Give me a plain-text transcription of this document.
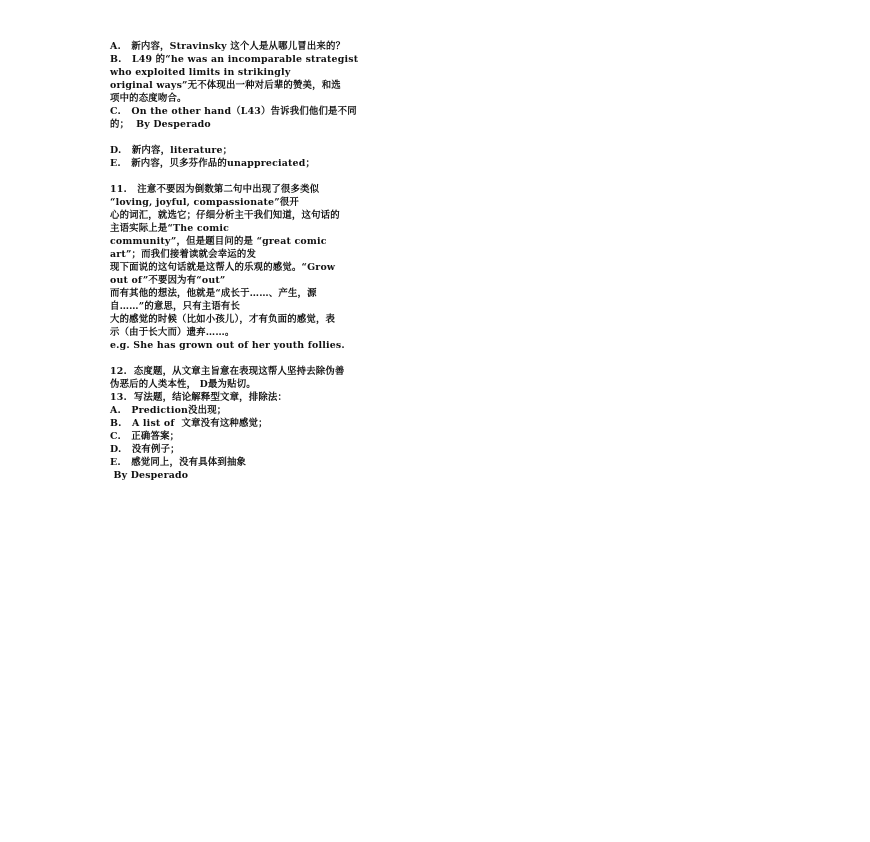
A.   新内容，Stravinsky 这个人是从哪儿冒出来的？
B.   L49 的“he was an incomparable strategist
who exploited limits in strikingly
original ways”无不体现出一种对后辈的赞美，和选
项中的态度吻合。
C.   On the other hand（L43）告诉我们他们是不同
的；  By Desperado
D.   新内容，literature；
E.   新内容，贝多芬作品的unappreciated；
11.   注意不要因为倒数第二句中出现了很多类似
“loving, joyful, compassionate”很开
心的词汇，就选它；仔细分析主干我们知道，这句话的
主语实际上是“The comic
community”，但是题目问的是 “great comic
art”；而我们接着读就会幸运的发
现下面说的这句话就是这帮人的乐观的感觉。“Grow
out of”不要因为有“out”
而有其他的想法，他就是“成长于……、产生，源
自……”的意思，只有主语有长
大的感觉的时候（比如小孩儿），才有负面的感觉，表
示（由于长大而）遗弃……。
e.g. She has grown out of her youth follies.
12.  态度题，从文章主旨意在表现这帮人坚持去除伪善
伪恶后的人类本性， D最为贴切。
13.  写法题，结论解释型文章，排除法：
A.   Prediction没出现；
B.   A list of  文章没有这种感觉；
C.   正确答案；
D.   没有例子；
E.   感觉同上，没有具体到抽象
By Desperado
